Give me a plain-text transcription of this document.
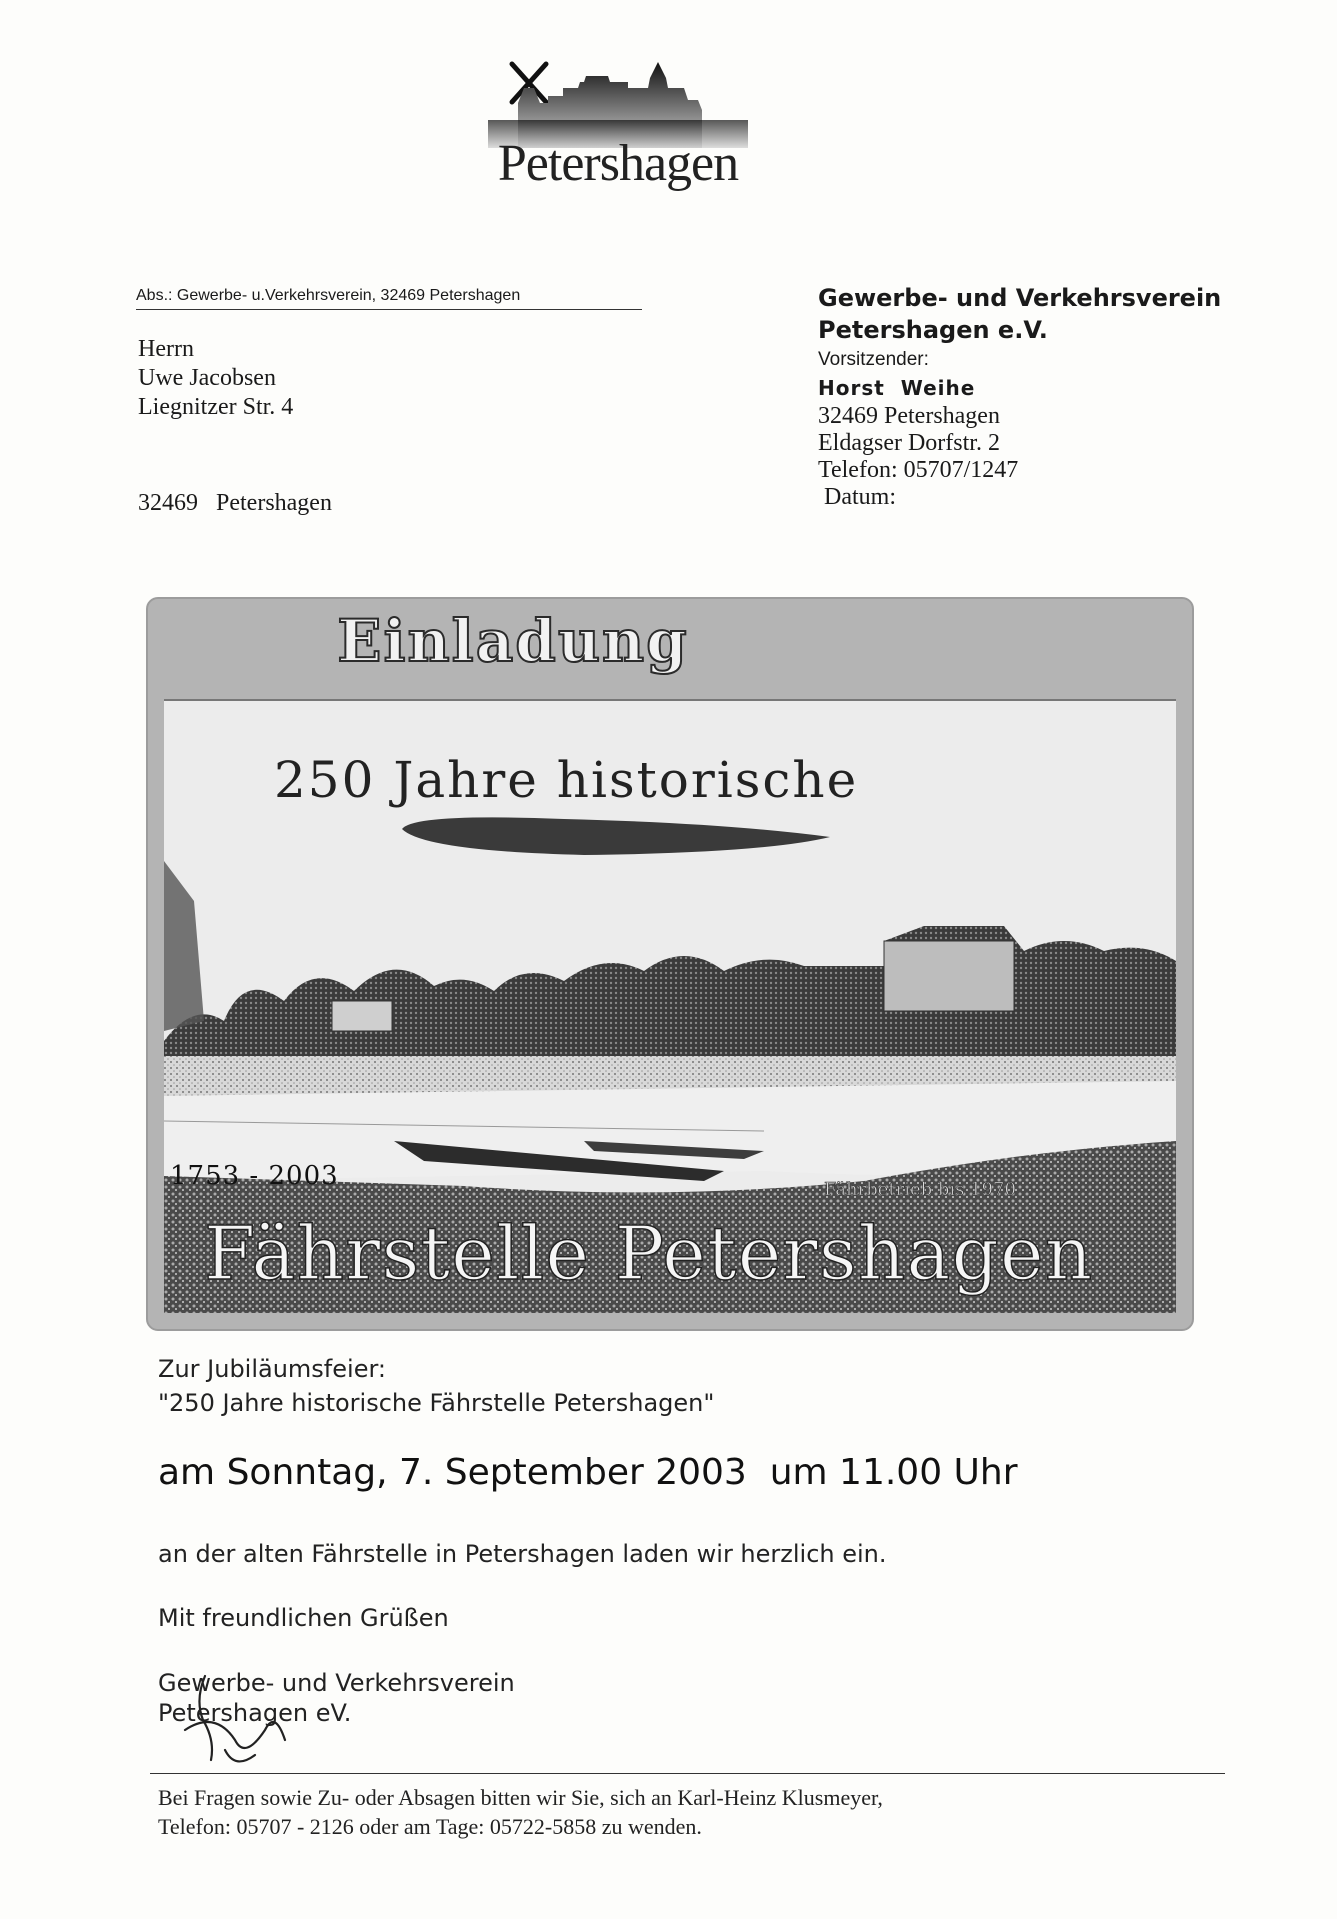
Petershagen
Abs.: Gewerbe- u.Verkehrsverein, 32469 Petershagen
Herrn
Uwe Jacobsen
Liegnitzer Str. 4
32469   Petershagen
Gewerbe- und Verkehrsverein
Petershagen e.V.
Vorsitzender:
Horst  Weihe
32469 Petershagen
Eldagser Dorfstr. 2
Telefon: 05707/1247
Datum:
Einladung
250 Jahre historische
1753 - 2003	Fährbetrieb bis 1970
Fährstelle Petershagen
Zur Jubiläumsfeier:
"250 Jahre historische Fährstelle Petershagen"
am Sonntag, 7. September 2003  um 11.00 Uhr
an der alten Fährstelle in Petershagen laden wir herzlich ein.
Mit freundlichen Grüßen
Gewerbe- und Verkehrsverein
Petershagen eV.
Bei Fragen sowie Zu- oder Absagen bitten wir Sie, sich an Karl-Heinz Klusmeyer,
Telefon: 05707 - 2126 oder am Tage: 05722-5858 zu wenden.
